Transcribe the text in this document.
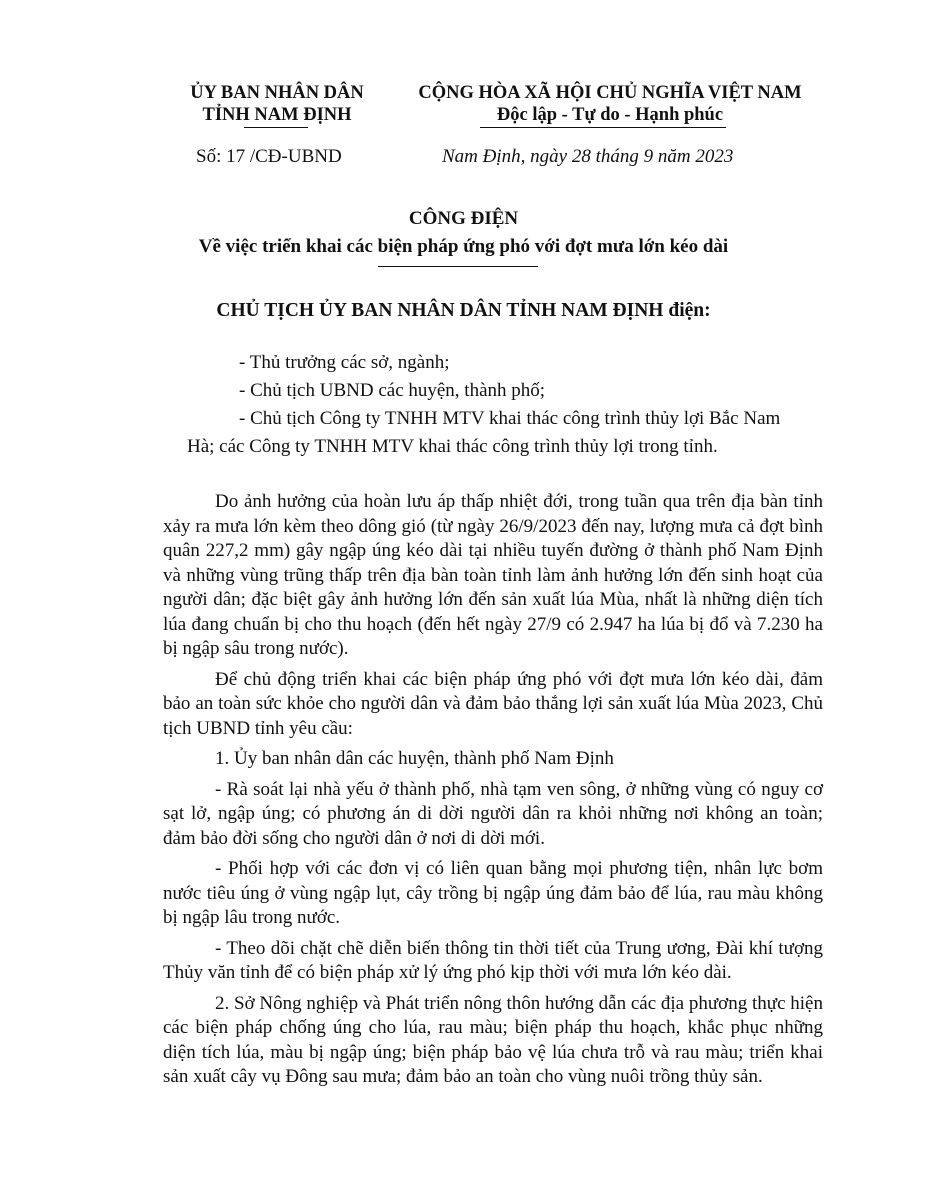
ỦY BAN NHÂN DÂN
TỈNH NAM ĐỊNH
CỘNG HÒA XÃ HỘI CHỦ NGHĨA VIỆT NAM
Độc lập - Tự do - Hạnh phúc
Số: 17 /CĐ-UBND	Nam Định, ngày 28 tháng 9 năm 2023
CÔNG ĐIỆN
Về việc triển khai các biện pháp ứng phó với đợt mưa lớn kéo dài
CHỦ TỊCH ỦY BAN NHÂN DÂN TỈNH NAM ĐỊNH điện:
- Thủ trưởng các sở, ngành;
- Chủ tịch UBND các huyện, thành phố;
- Chủ tịch Công ty TNHH MTV khai thác công trình thủy lợi Bắc Nam
Hà; các Công ty TNHH MTV khai thác công trình thủy lợi trong tỉnh.

Do ảnh hưởng của hoàn lưu áp thấp nhiệt đới, trong tuần qua trên địa bàn tỉnh xảy ra mưa lớn kèm theo dông gió (từ ngày 26/9/2023 đến nay, lượng mưa cả đợt bình quân 227,2 mm) gây ngập úng kéo dài tại nhiều tuyến đường ở thành phố Nam Định và những vùng trũng thấp trên địa bàn toàn tỉnh làm ảnh hưởng lớn đến sinh hoạt của người dân; đặc biệt gây ảnh hưởng lớn đến sản xuất lúa Mùa, nhất là những diện tích lúa đang chuẩn bị cho thu hoạch (đến hết ngày 27/9 có 2.947 ha lúa bị đổ và 7.230 ha bị ngập sâu trong nước).

Để chủ động triển khai các biện pháp ứng phó với đợt mưa lớn kéo dài, đảm bảo an toàn sức khỏe cho người dân và đảm bảo thắng lợi sản xuất lúa Mùa 2023, Chủ tịch UBND tỉnh yêu cầu:

1. Ủy ban nhân dân các huyện, thành phố Nam Định

- Rà soát lại nhà yếu ở thành phố, nhà tạm ven sông, ở những vùng có nguy cơ sạt lở, ngập úng; có phương án di dời người dân ra khỏi những nơi không an toàn; đảm bảo đời sống cho người dân ở nơi di dời mới.

- Phối hợp với các đơn vị có liên quan bằng mọi phương tiện, nhân lực bơm nước tiêu úng ở vùng ngập lụt, cây trồng bị ngập úng đảm bảo để lúa, rau màu không bị ngập lâu trong nước.

- Theo dõi chặt chẽ diễn biến thông tin thời tiết của Trung ương, Đài khí tượng Thủy văn tỉnh để có biện pháp xử lý ứng phó kịp thời với mưa lớn kéo dài.

2. Sở Nông nghiệp và Phát triển nông thôn hướng dẫn các địa phương thực hiện các biện pháp chống úng cho lúa, rau màu; biện pháp thu hoạch, khắc phục những diện tích lúa, màu bị ngập úng; biện pháp bảo vệ lúa chưa trỗ và rau màu; triển khai sản xuất cây vụ Đông sau mưa; đảm bảo an toàn cho vùng nuôi trồng thủy sản.
